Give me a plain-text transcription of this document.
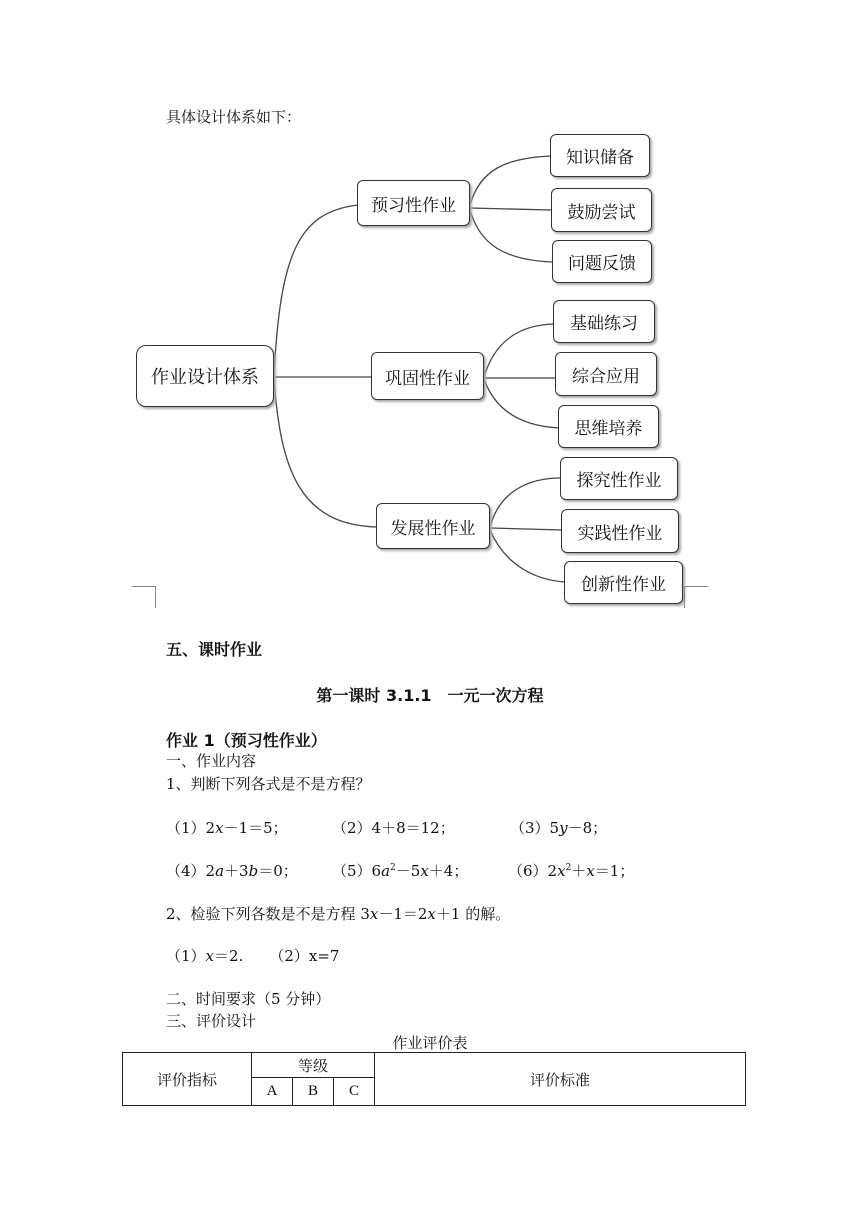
具体设计体系如下：
作业设计体系
预习性作业
知识储备
鼓励尝试
问题反馈
巩固性作业
基础练习
综合应用
思维培养
发展性作业
探究性作业
实践性作业
创新性作业
五、课时作业
第一课时 3.1.1　一元一次方程
作业 1（预习性作业）
一、作业内容
1、判断下列各式是不是方程？
（1）2x－1＝5；	（2）4＋8＝12；	（3）5y－8；
（4）2a＋3b＝0； $(5)6a^2-5x+4$；	$(6)2x^2+x=1$；
2、检验下列各数是不是方程 3x－1＝2x＋1 的解。
（1）x＝2. （2）x=7
二、时间要求（5 分钟）
三、评价设计
作业评价表
评价指标	等级			评价标准
	A	B	C	
